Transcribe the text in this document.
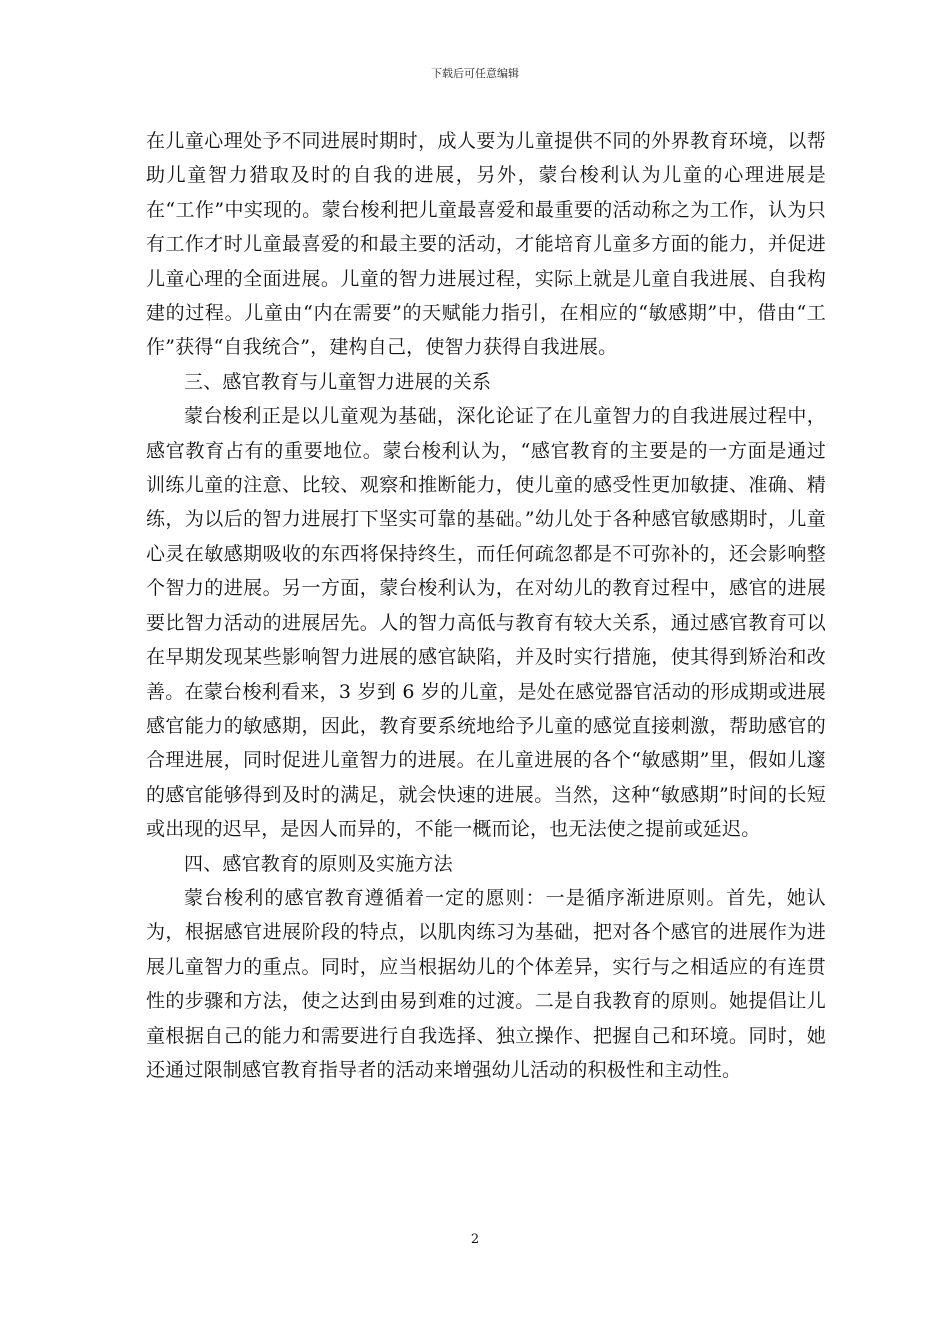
下载后可任意编辑

在儿童心理处予不同进展时期时，成人要为儿童提供不同的外界教育环境，以帮助儿童智力猎取及时的自我的进展，另外，蒙台梭利认为儿童的心理进展是在“工作”中实现的。蒙台梭利把儿童最喜爱和最重要的活动称之为工作，认为只有工作才时儿童最喜爱的和最主要的活动，才能培育儿童多方面的能力，并促进儿童心理的全面进展。儿童的智力进展过程，实际上就是儿童自我进展、自我构建的过程。儿童由“内在需要”的天赋能力指引，在相应的“敏感期”中，借由“工作”获得“自我统合”，建构自己，使智力获得自我进展。

三、感官教育与儿童智力进展的关系

蒙台梭利正是以儿童观为基础，深化论证了在儿童智力的自我进展过程中，感官教育占有的重要地位。蒙台梭利认为，“感官教育的主要是的一方面是通过训练儿童的注意、比较、观察和推断能力，使儿童的感受性更加敏捷、准确、精练，为以后的智力进展打下坚实可靠的基础。”幼儿处于各种感官敏感期时，儿童心灵在敏感期吸收的东西将保持终生，而任何疏忽都是不可弥补的，还会影响整个智力的进展。另一方面，蒙台梭利认为，在对幼儿的教育过程中，感官的进展要比智力活动的进展居先。人的智力高低与教育有较大关系，通过感官教育可以在早期发现某些影响智力进展的感官缺陷，并及时实行措施，使其得到矫治和改善。在蒙台梭利看来，3 岁到 6 岁的儿童，是处在感觉器官活动的形成期或进展感官能力的敏感期，因此，教育要系统地给予儿童的感觉直接刺激，帮助感官的合理进展，同时促进儿童智力的进展。在儿童进展的各个“敏感期”里，假如儿邃的感官能够得到及时的满足，就会快速的进展。当然，这种“敏感期”时间的长短或出现的迟早，是因人而异的，不能一概而论，也无法使之提前或延迟。

四、感官教育的原则及实施方法

蒙台梭利的感官教育遵循着一定的愿则：一是循序渐进原则。首先，她认为，根据感官进展阶段的特点，以肌肉练习为基础，把对各个感官的进展作为进展儿童智力的重点。同时，应当根据幼儿的个体差异，实行与之相适应的有连贯性的步骤和方法，使之达到由易到难的过渡。二是自我教育的原则。她提倡让儿童根据自己的能力和需要进行自我选择、独立操作、把握自己和环境。同时，她还通过限制感官教育指导者的活动来增强幼儿活动的积极性和主动性。

2
